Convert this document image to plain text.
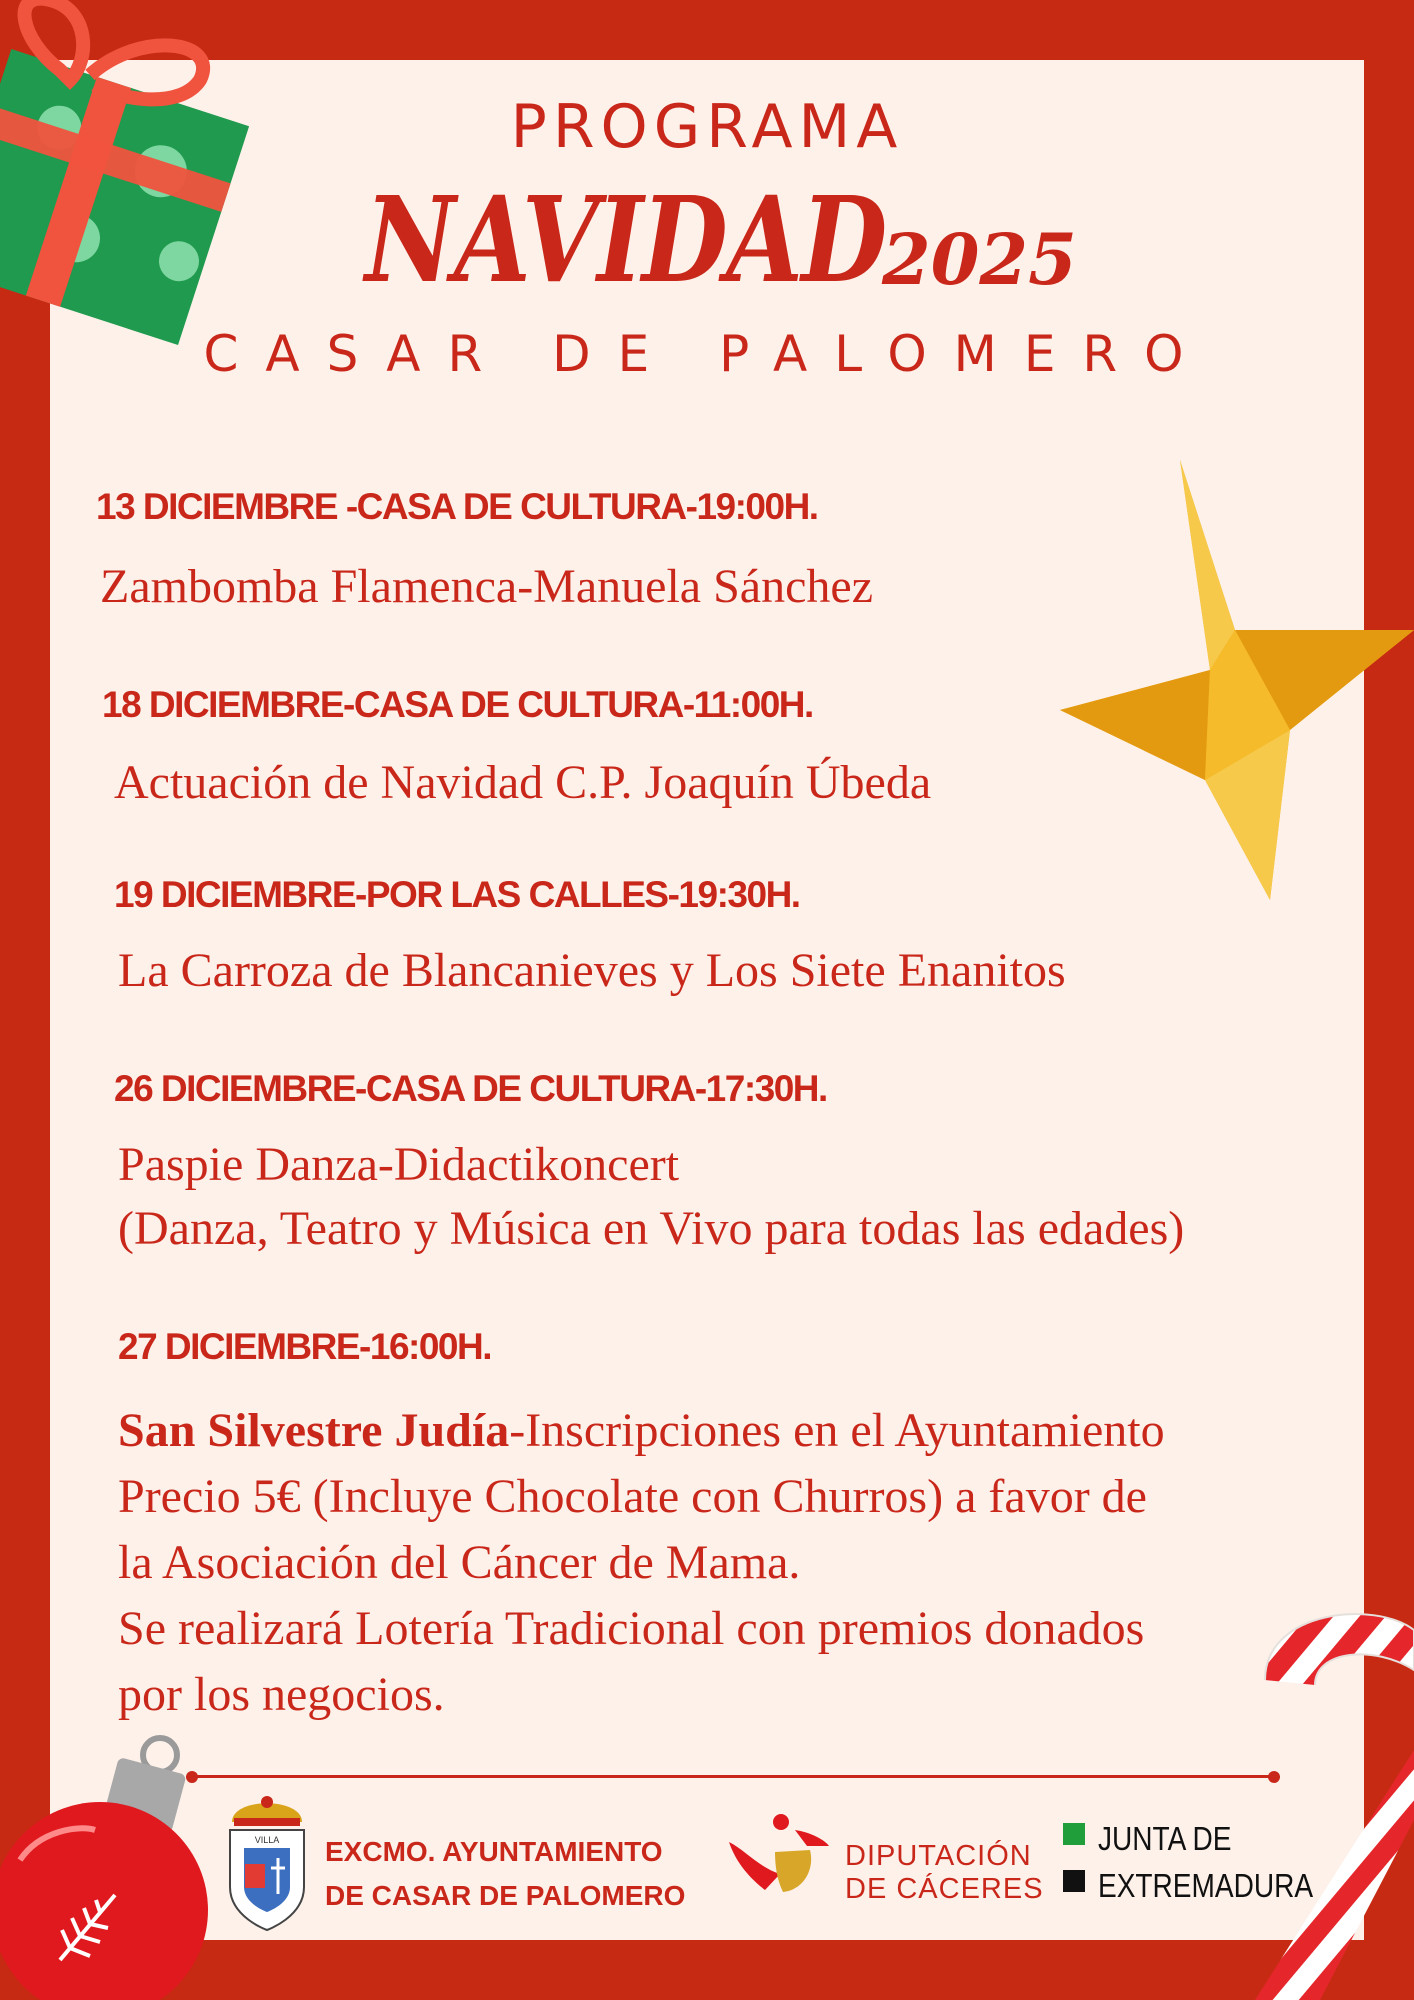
PROGRAMA
NAVIDAD
2025
CASAR DE PALOMERO
13 DICIEMBRE -CASA DE CULTURA-19:00H.
Zambomba Flamenca-Manuela Sánchez
18 DICIEMBRE-CASA DE CULTURA-11:00H.
Actuación de Navidad C.P. Joaquín Úbeda
19 DICIEMBRE-POR LAS CALLES-19:30H.
La Carroza de Blancanieves y Los Siete Enanitos
26 DICIEMBRE-CASA DE CULTURA-17:30H.
Paspie Danza-Didactikoncert
(Danza, Teatro y Música en Vivo para todas las edades)
27 DICIEMBRE-16:00H.
San Silvestre Judía-Inscripciones en el Ayuntamiento
Precio 5€ (Incluye Chocolate con Churros) a favor de
la Asociación del Cáncer de Mama.
Se realizará Lotería Tradicional con premios donados
por los negocios.
VILLA EXCMO. AYUNTAMIENTO
DE CASAR DE PALOMERO
DIPUTACIÓN
DE CÁCERES
JUNTA DE
EXTREMADURA
